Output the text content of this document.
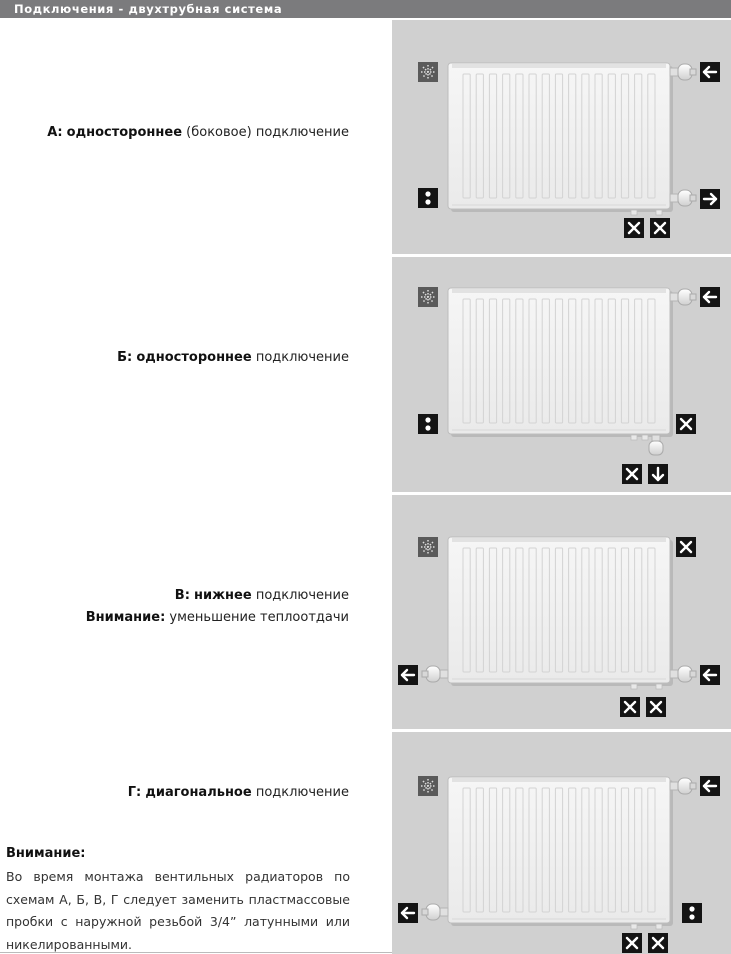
Подключения - двухтрубная система
А: одностороннее (боковое) подключение
Б: одностороннее подключение
В: нижнее подключение
Внимание: уменьшение теплоотдачи
Г: диагональное подключение
Внимание:
Во время монтажа вентильных радиаторов по схемам А, Б, В, Г следует заменить пластмассовые пробки с наружной резьбой 3/4” латунными или никелированными.
